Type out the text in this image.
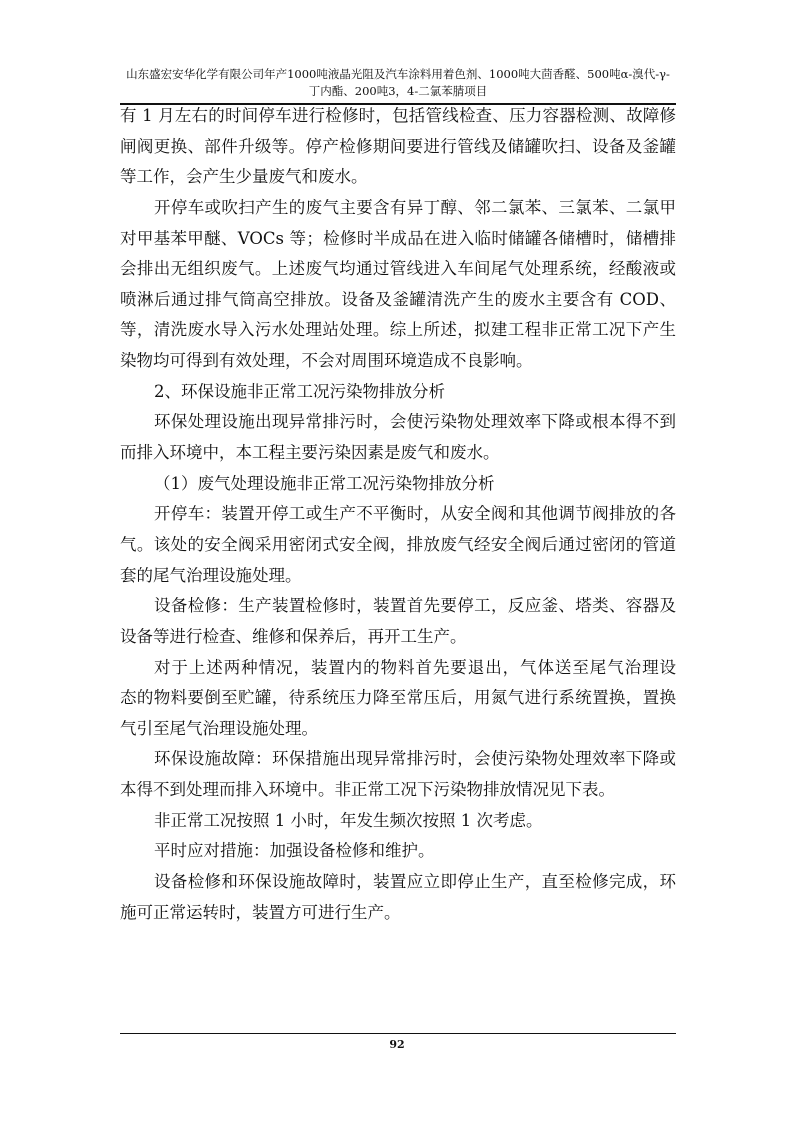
山东盛宏安华化学有限公司年产1000吨液晶光阻及汽车涂料用着色剂、1000吨大茴香醛、500吨α-溴代-γ-
丁内酯、200吨3，4-二氯苯腈项目
有 1 月左右的时间停车进行检修时，包括管线检查、压力容器检测、故障修
闸阀更换、部件升级等。停产检修期间要进行管线及储罐吹扫、设备及釜罐
等工作，会产生少量废气和废水。
开停车或吹扫产生的废气主要含有异丁醇、邻二氯苯、三氯苯、二氯甲
对甲基苯甲醚、VOCs 等；检修时半成品在进入临时储罐各储槽时，储槽排
会排出无组织废气。上述废气均通过管线进入车间尾气处理系统，经酸液或
喷淋后通过排气筒高空排放。设备及釜罐清洗产生的废水主要含有 COD、
等，清洗废水导入污水处理站处理。综上所述，拟建工程非正常工况下产生
染物均可得到有效处理，不会对周围环境造成不良影响。
2、环保设施非正常工况污染物排放分析
环保处理设施出现异常排污时，会使污染物处理效率下降或根本得不到
而排入环境中，本工程主要污染因素是废气和废水。
（1）废气处理设施非正常工况污染物排放分析
开停车：装置开停工或生产不平衡时，从安全阀和其他调节阀排放的各
气。该处的安全阀采用密闭式安全阀，排放废气经安全阀后通过密闭的管道
套的尾气治理设施处理。
设备检修：生产装置检修时，装置首先要停工，反应釜、塔类、容器及
设备等进行检查、维修和保养后，再开工生产。
对于上述两种情况，装置内的物料首先要退出，气体送至尾气治理设
态的物料要倒至贮罐，待系统压力降至常压后，用氮气进行系统置换，置换
气引至尾气治理设施处理。
环保设施故障：环保措施出现异常排污时，会使污染物处理效率下降或
本得不到处理而排入环境中。非正常工况下污染物排放情况见下表。
非正常工况按照 1 小时，年发生频次按照 1 次考虑。
平时应对措施：加强设备检修和维护。
设备检修和环保设施故障时，装置应立即停止生产，直至检修完成，环
施可正常运转时，装置方可进行生产。
92
